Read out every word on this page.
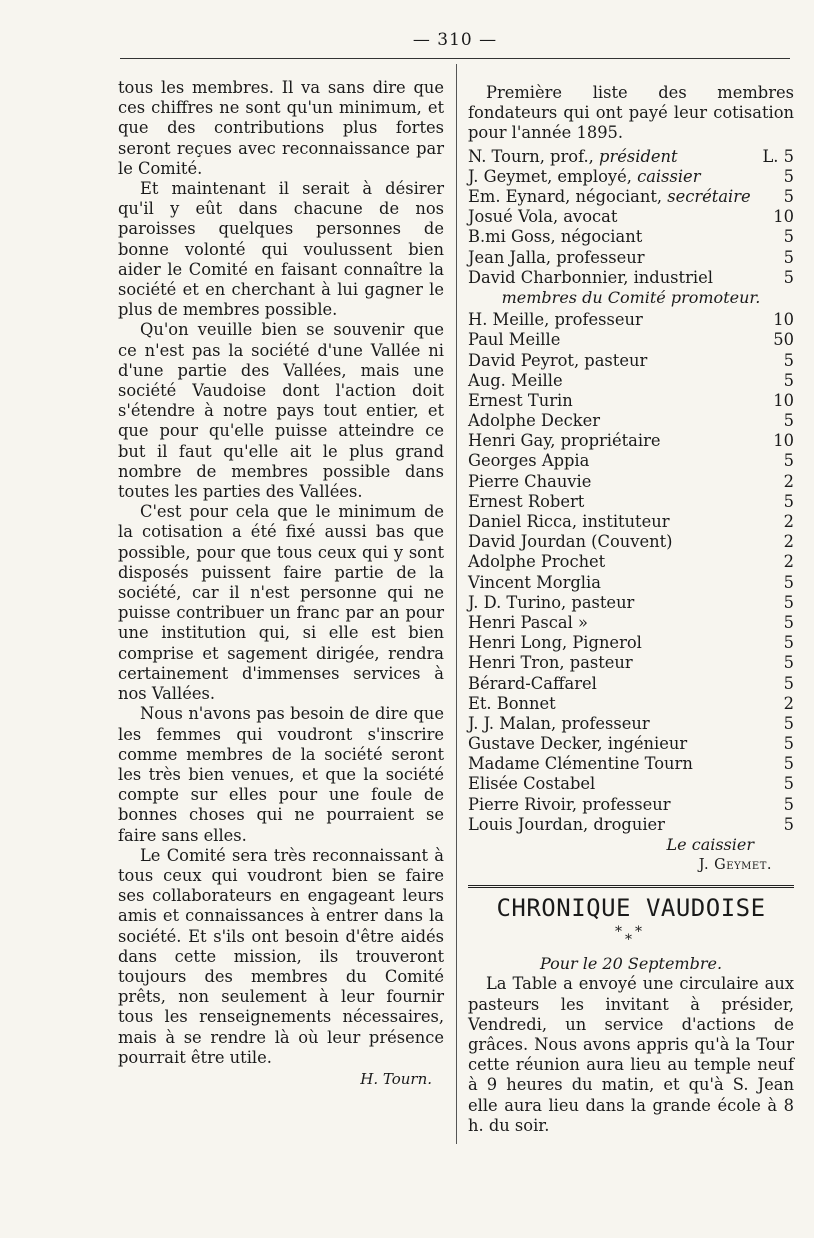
— 310 —

tous les membres. Il va sans dire que ces chiffres ne sont qu'un minimum, et que des contributions plus fortes seront reçues avec reconnaissance par le Comité.

Et maintenant il serait à désirer qu'il y eût dans chacune de nos paroisses quelques personnes de bonne volonté qui voulussent bien aider le Comité en faisant connaître la société et en cherchant à lui gagner le plus de membres possible.

Qu'on veuille bien se souvenir que ce n'est pas la société d'une Vallée ni d'une partie des Vallées, mais une société Vaudoise dont l'action doit s'étendre à notre pays tout entier, et que pour qu'elle puisse atteindre ce but il faut qu'elle ait le plus grand nombre de membres possible dans toutes les parties des Vallées.

C'est pour cela que le minimum de la cotisation a été fixé aussi bas que possible, pour que tous ceux qui y sont disposés puissent faire partie de la société, car il n'est personne qui ne puisse contribuer un franc par an pour une institution qui, si elle est bien comprise et sagement dirigée, rendra certainement d'immenses services à nos Vallées.

Nous n'avons pas besoin de dire que les femmes qui voudront s'inscrire comme membres de la société seront les très bien venues, et que la société compte sur elles pour une foule de bonnes choses qui ne pourraient se faire sans elles.

Le Comité sera très reconnaissant à tous ceux qui voudront bien se faire ses collaborateurs en engageant leurs amis et connaissances à entrer dans la société. Et s'ils ont besoin d'être aidés dans cette mission, ils trouveront toujours des membres du Comité prêts, non seulement à leur fournir tous les renseignements nécessaires, mais à se rendre là où leur présence pourrait être utile.

H. Tourn.

Première liste des membres fondateurs qui ont payé leur cotisation pour l'année 1895.

N. Tourn, prof., président	L. 5
J. Geymet, employé, caissier	5
Em. Eynard, négociant, secrétaire 5
Josué Vola, avocat	10
B.mi Goss, négociant	5
Jean Jalla, professeur	5
David Charbonnier, industriel	5
membres du Comité promoteur.
H. Meille, professeur	10
Paul Meille	50
David Peyrot, pasteur	5
Aug. Meille	5
Ernest Turin	10
Adolphe Decker	5
Henri Gay, propriétaire	10
Georges Appia	5
Pierre Chauvie	2
Ernest Robert	5
Daniel Ricca, instituteur	2
David Jourdan (Couvent)	2
Adolphe Prochet	2
Vincent Morglia	5
J. D. Turino, pasteur	5
Henri Pascal »	5
Henri Long, Pignerol	5
Henri Tron, pasteur	5
Bérard-Caffarel	5
Et. Bonnet	2
J. J. Malan, professeur	5
Gustave Decker, ingénieur	5
Madame Clémentine Tourn	5
Elisée Costabel	5
Pierre Rivoir, professeur	5
Louis Jourdan, droguier	5
Le caissier
J. Geymet.
CHRONIQUE VAUDOISE
* *
*
Pour le 20 Septembre.

La Table a envoyé une circulaire aux pasteurs les invitant à présider, Vendredi, un service d'actions de grâces. Nous avons appris qu'à la Tour cette réunion aura lieu au temple neuf à 9 heures du matin, et qu'à S. Jean elle aura lieu dans la grande école à 8 h. du soir.
